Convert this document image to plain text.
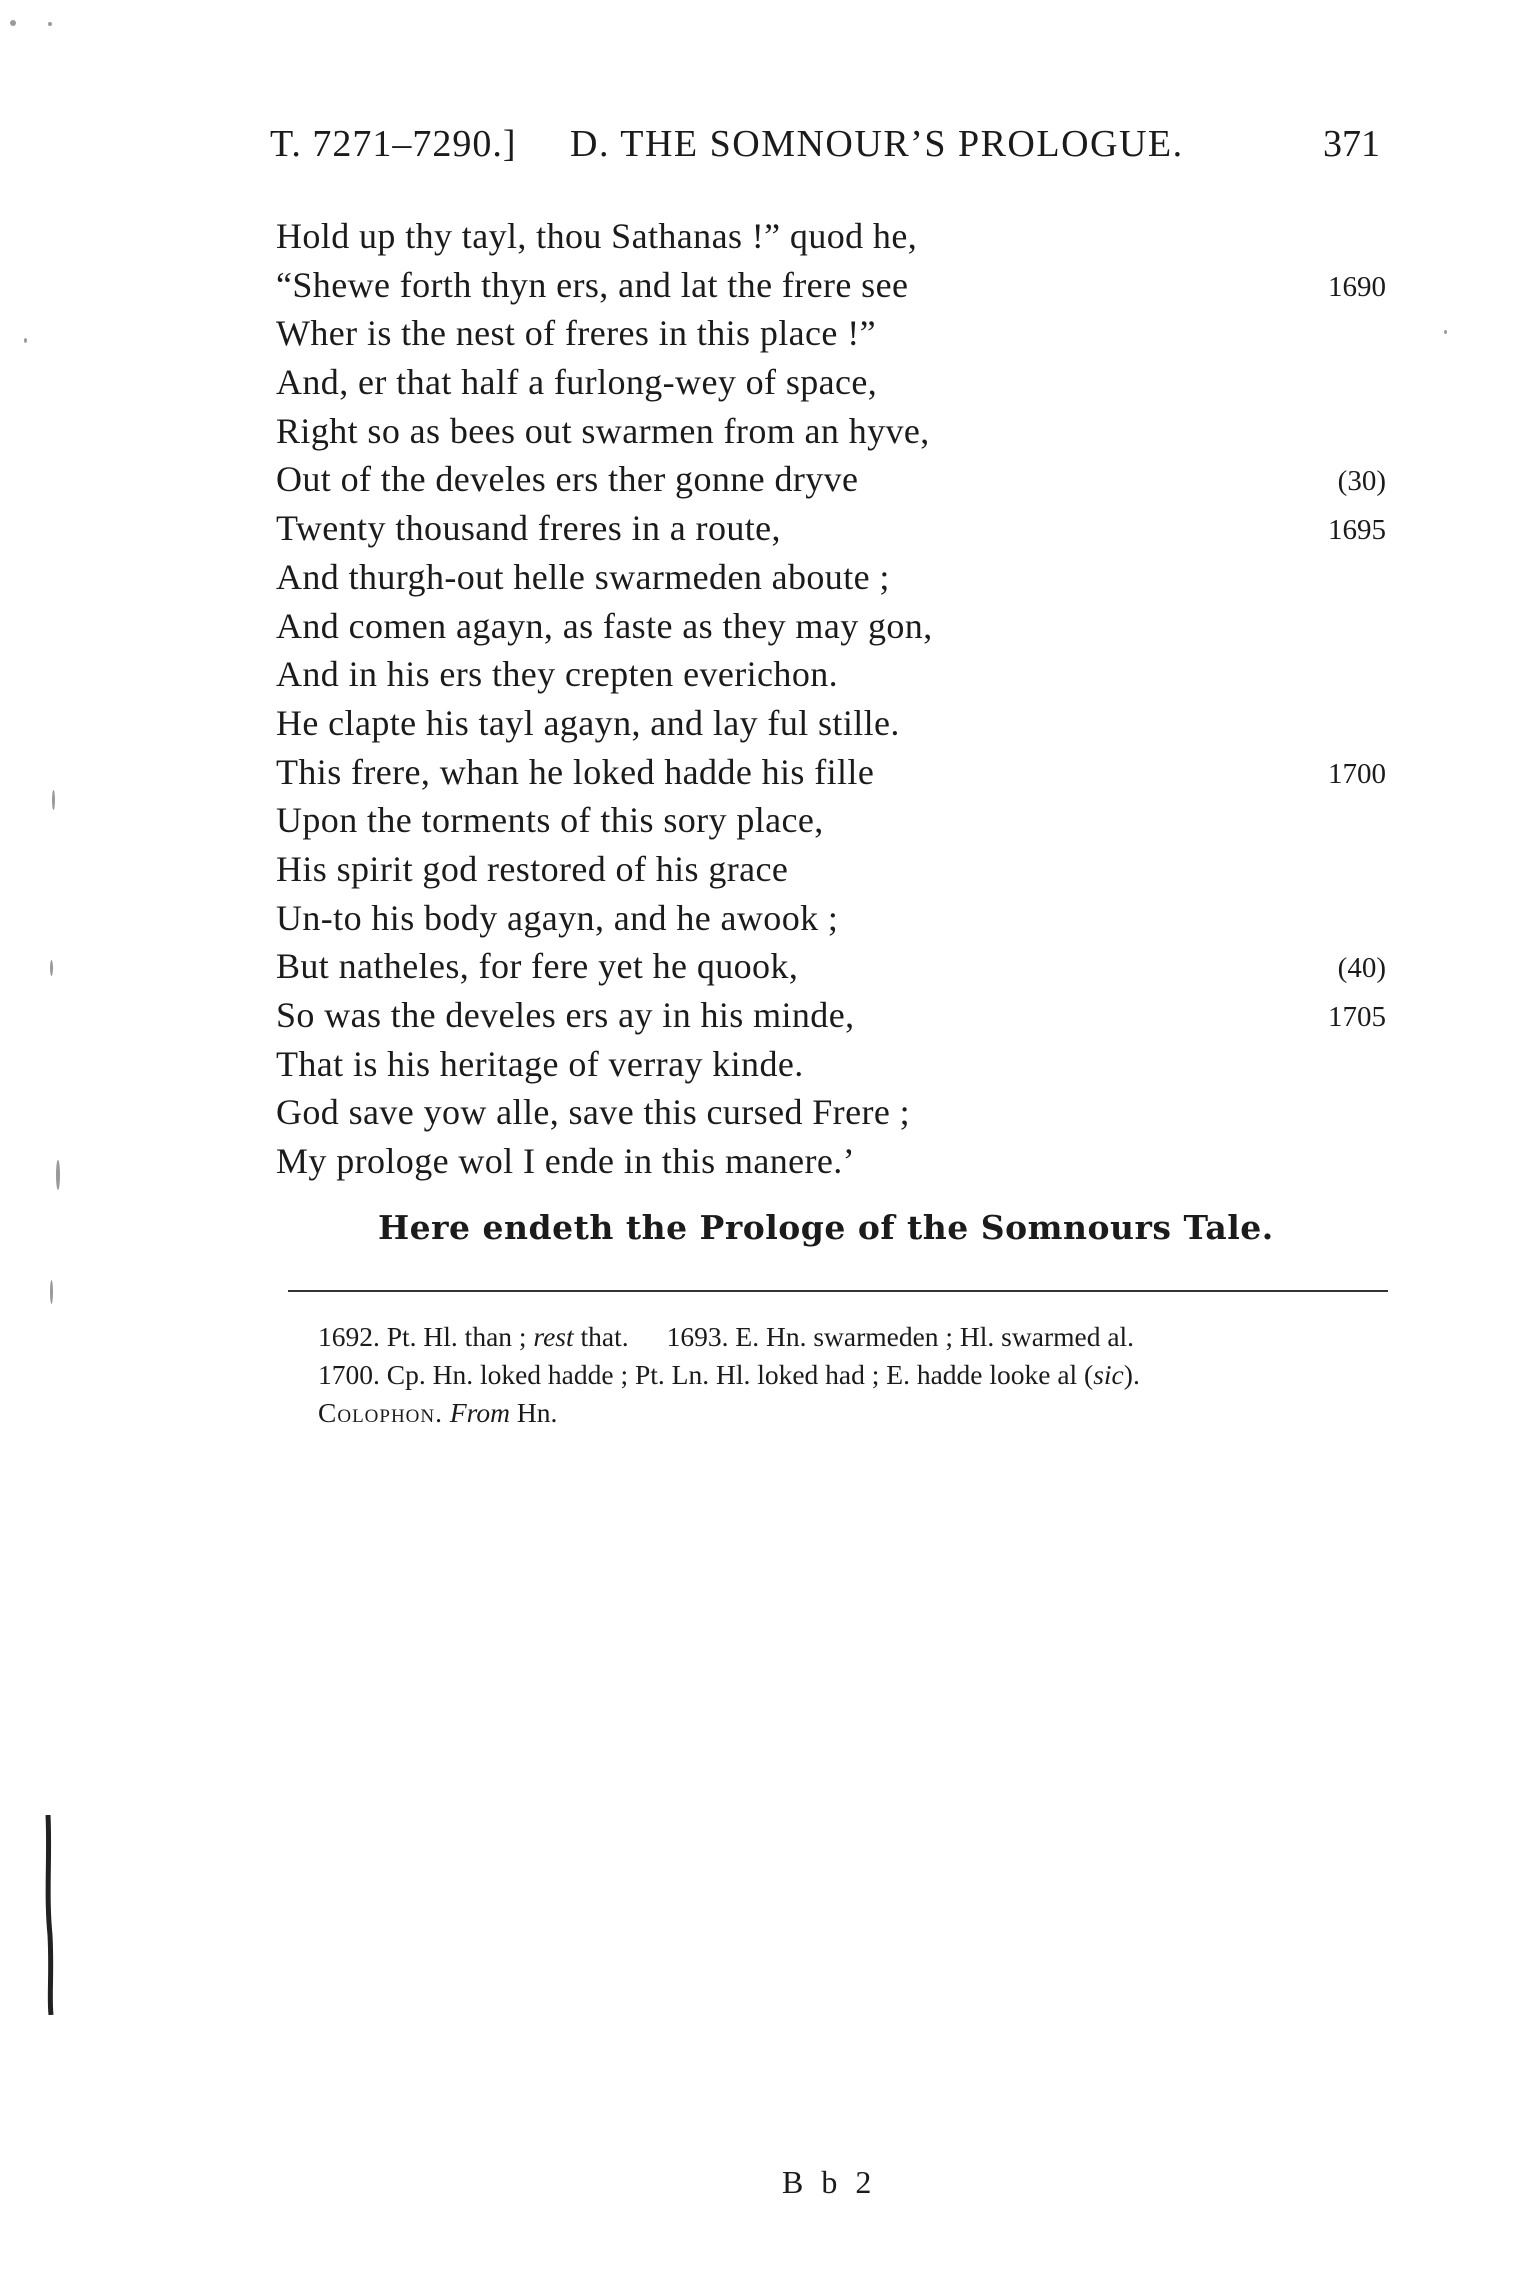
T. 7271–7290.] D. THE SOMNOUR’S PROLOGUE.	371
Hold up thy tayl, thou Sathanas !” quod he,
“Shewe forth thyn ers, and lat the frere see	1690
Wher is the nest of freres in this place !”
And, er that half a furlong-wey of space,
Right so as bees out swarmen from an hyve,
Out of the develes ers ther gonne dryve	(30)
Twenty thousand freres in a route,	1695
And thurgh-out helle swarmeden aboute ;
And comen agayn, as faste as they may gon,
And in his ers they crepten everichon.
He clapte his tayl agayn, and lay ful stille.
This frere, whan he loked hadde his fille	1700
Upon the torments of this sory place,
His spirit god restored of his grace
Un-to his body agayn, and he awook ;
But natheles, for fere yet he quook,	(40)
So was the develes ers ay in his minde,	1705
That is his heritage of verray kinde.
God save yow alle, save this cursed Frere ;
My prologe wol I ende in this manere.’
Here endeth the Prologe of the Somnours Tale.
1692. Pt. Hl. than ; rest that. 1693. E. Hn. swarmeden ; Hl. swarmed al.
1700. Cp. Hn. loked hadde ; Pt. Ln. Hl. loked had ; E. hadde looke al (sic).
Colophon. From Hn.
B b 2
